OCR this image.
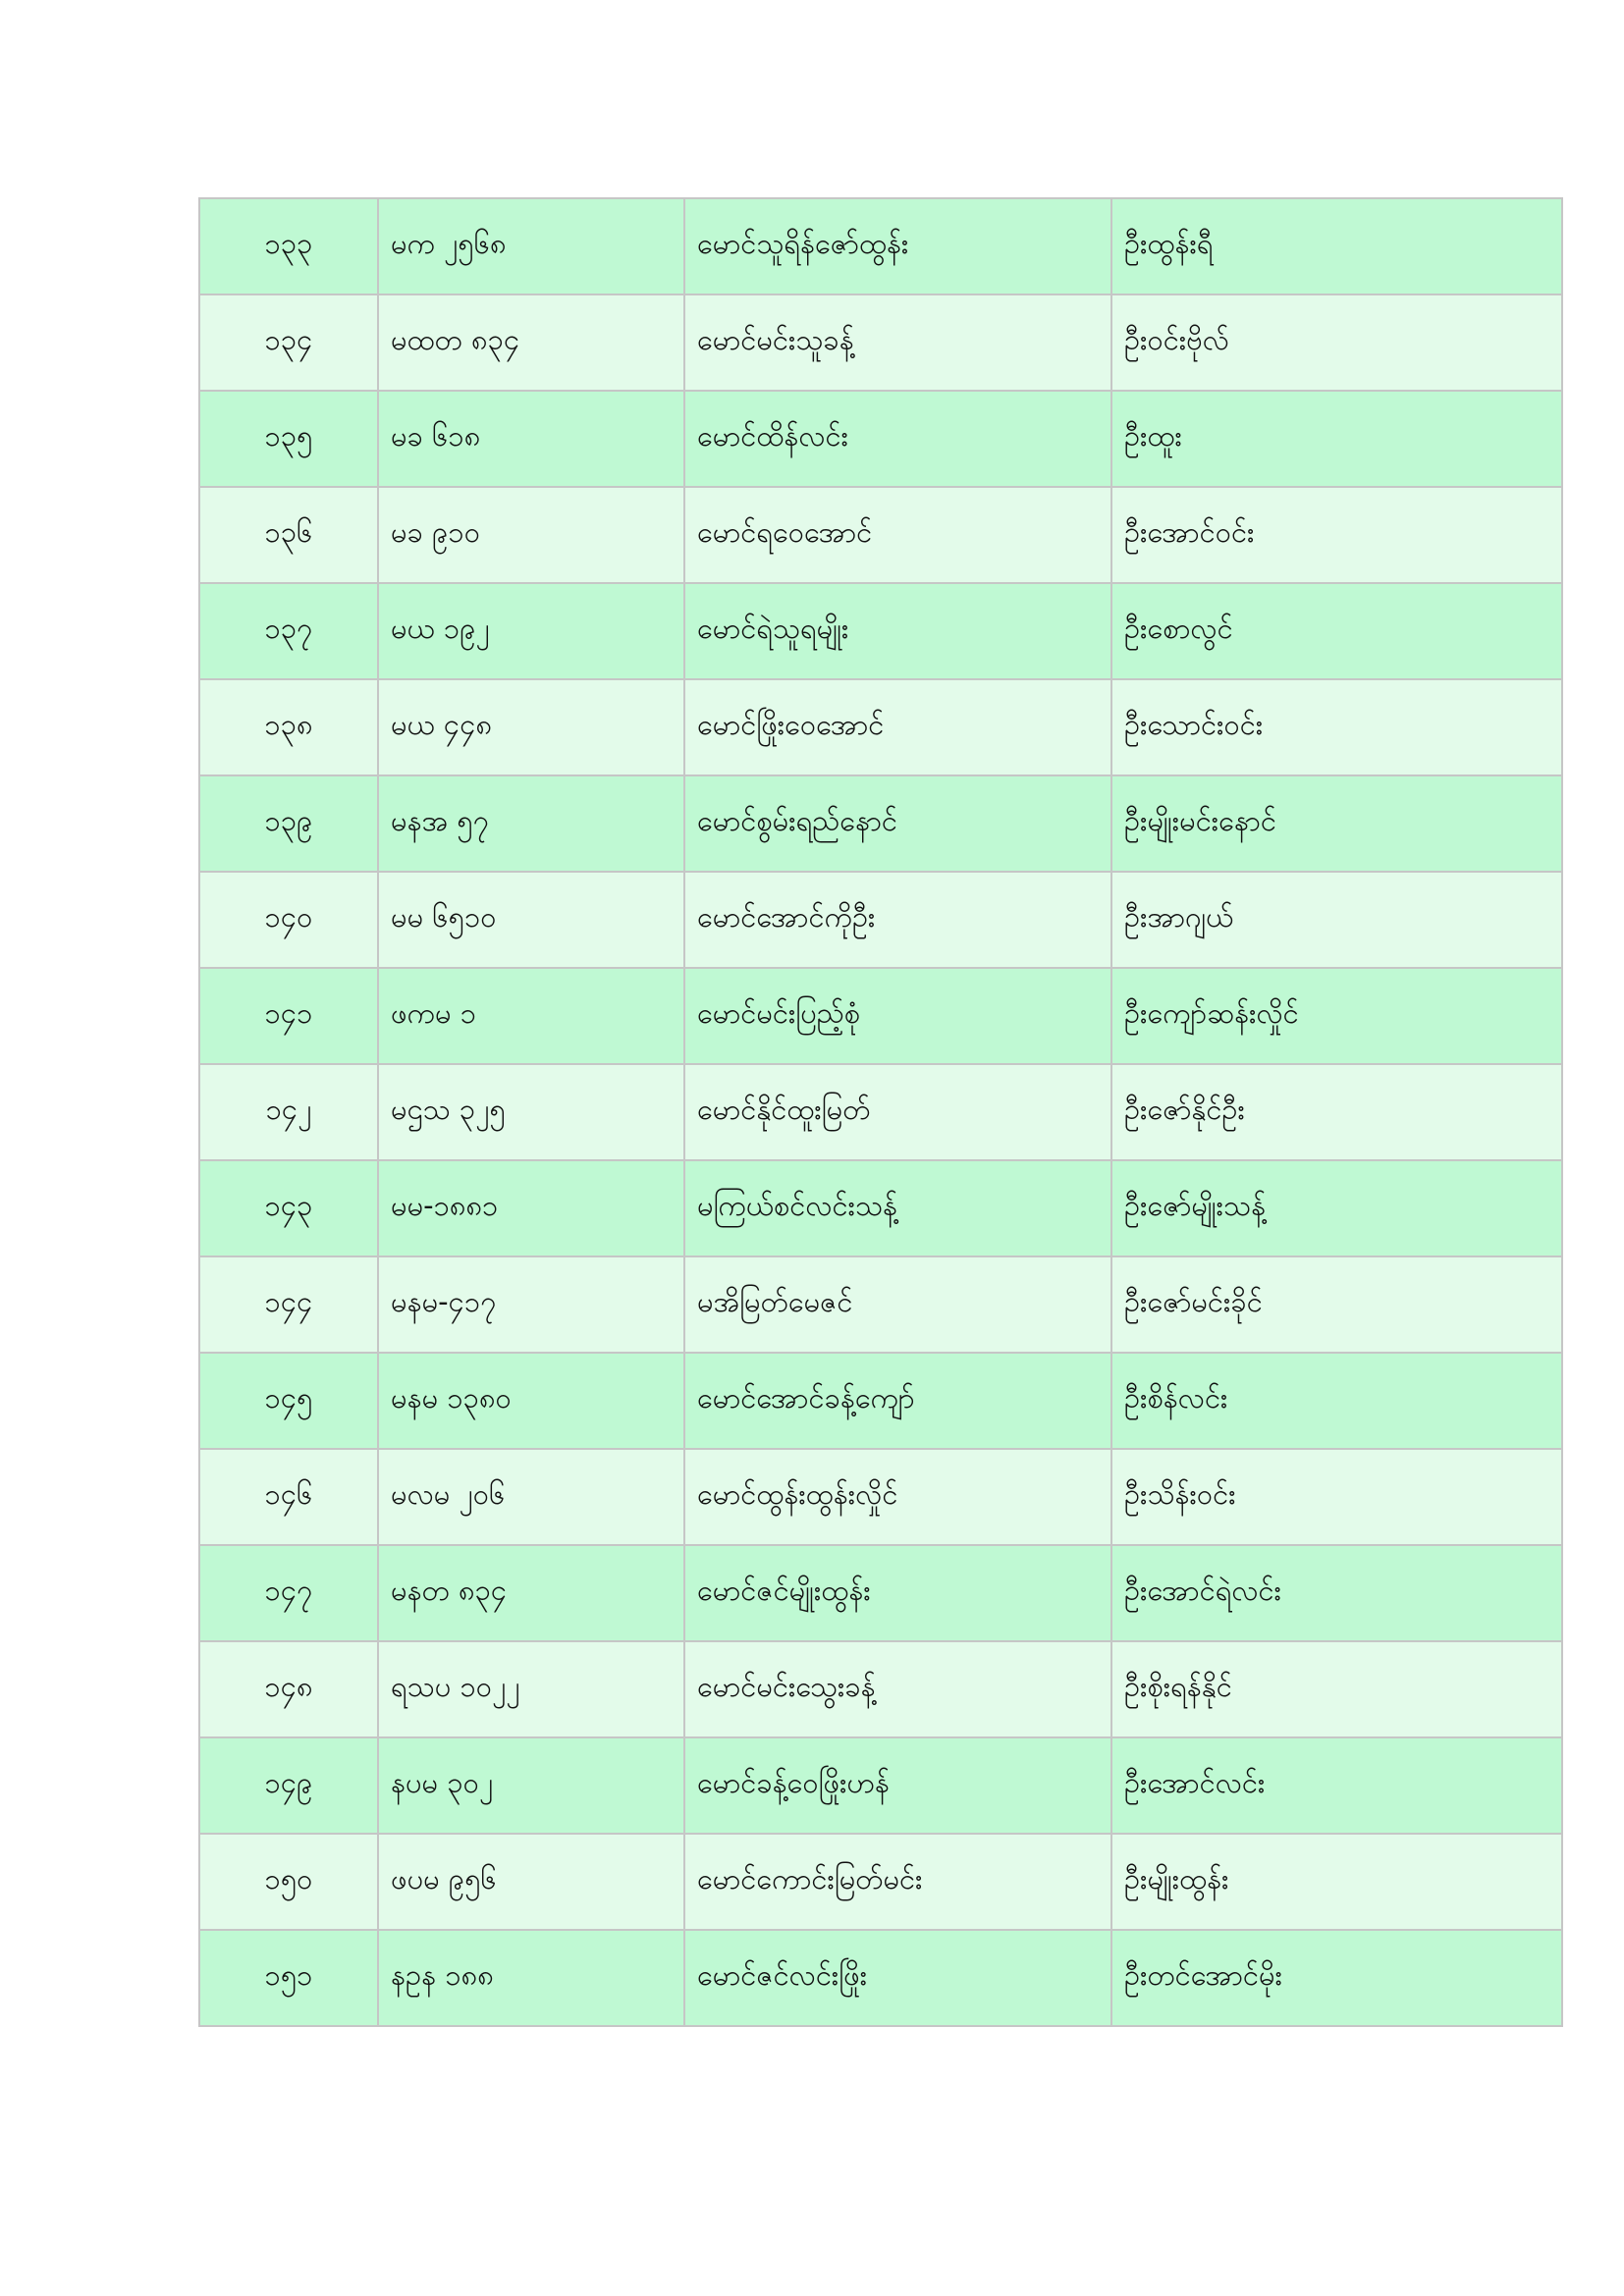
၁၃၃	မက ၂၅၆၈	မောင်သူရိန်ဇော်ထွန်း	ဦးထွန်းရီ
၁၃၄	မထတ ၈၃၄	မောင်မင်းသူခန့်	ဦးဝင်းဗိုလ်
၁၃၅	မခ ၆၁၈	မောင်ထိန်လင်း	ဦးထူး
၁၃၆	မခ ၉၁၀	မောင်ရဝေအောင်	ဦးအောင်ဝင်း
၁၃၇	မယ ၁၉၂	မောင်ရဲသူရမျိုး	ဦးစောလွင်
၁၃၈	မယ ၄၄၈	မောင်ဖြိုးဝေအောင်	ဦးသောင်းဝင်း
၁၃၉	မနအ ၅၇	မောင်စွမ်းရည်နောင်	ဦးမျိုးမင်းနောင်
၁၄၀	မမ ၆၅၁၀	မောင်အောင်ကိုဦး	ဦးအာဂျယ်
၁၄၁	ဖကမ ၁	မောင်မင်းပြည့်စုံ	ဦးကျော်ဆန်းလှိုင်
၁၄၂	မဌသ ၃၂၅	မောင်နိုင်ထူးမြတ်	ဦးဇော်နိုင်ဦး
၁၄၃	မမ-၁၈၈၁	မကြယ်စင်လင်းသန့်	ဦးဇော်မျိုးသန့်
၁၄၄	မနမ-၄၁၇	မအိမြတ်မေဇင်	ဦးဇော်မင်းခိုင်
၁၄၅	မနမ ၁၃၈၀	မောင်အောင်ခန့်ကျော်	ဦးစိန်လင်း
၁၄၆	မလမ ၂၀၆	မောင်ထွန်းထွန်းလှိုင်	ဦးသိန်းဝင်း
၁၄၇	မနတ ၈၃၄	မောင်ဇင်မျိုးထွန်း	ဦးအောင်ရဲလင်း
၁၄၈	ရသပ ၁၀၂၂	မောင်မင်းသွေးခန့်	ဦးစိုးရန်နိုင်
၁၄၉	နပမ ၃၀၂	မောင်ခန့်ဝေဖြိုးဟန်	ဦးအောင်လင်း
၁၅၀	ဖပမ ၉၅၆	မောင်ကောင်းမြတ်မင်း	ဦးမျိုးထွန်း
၁၅၁	နဥန ၁၈၈	မောင်ဇင်လင်းဖြိုး	ဦးတင်အောင်မိုး
